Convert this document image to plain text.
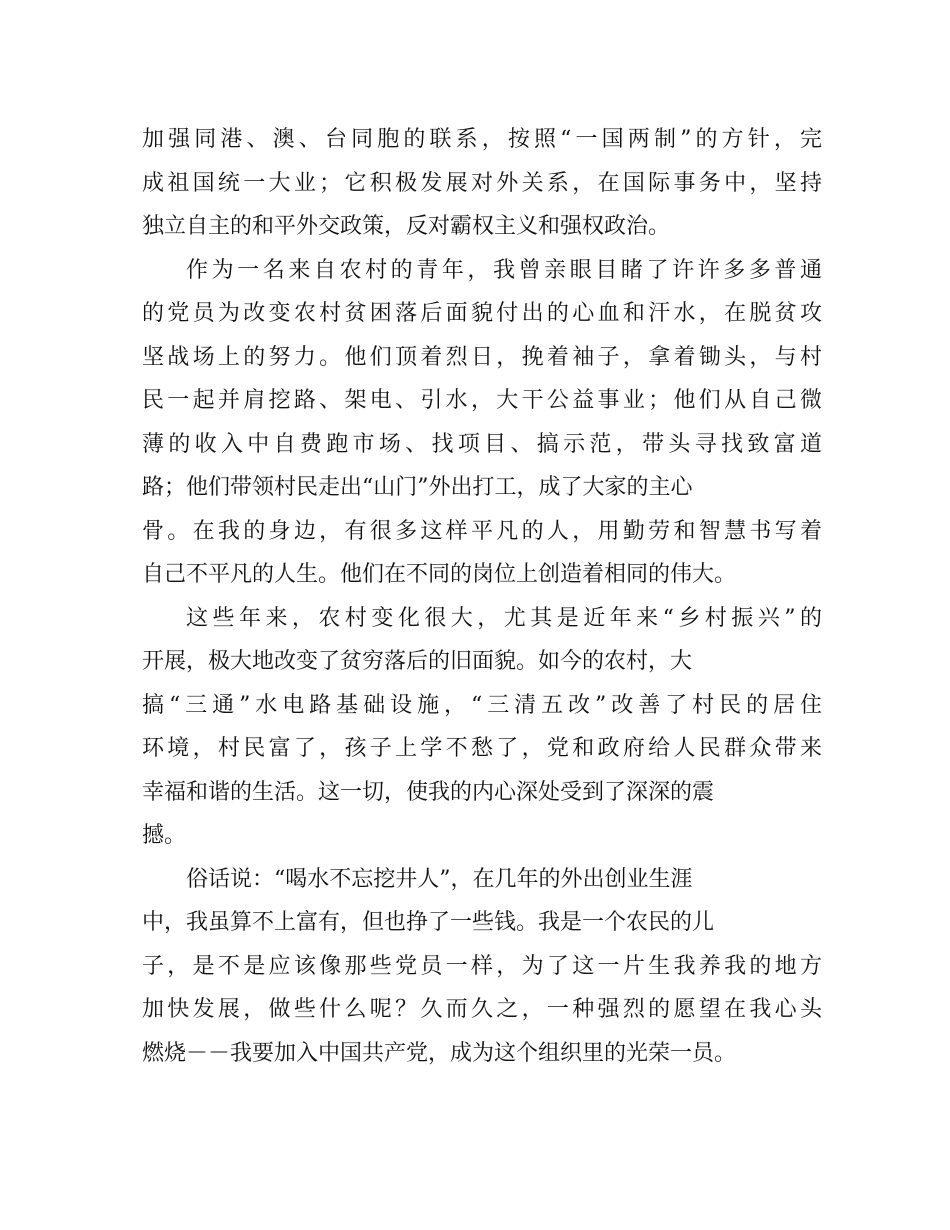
加强同港、澳、台同胞的联系，按照“一国两制”的方针，完
成祖国统一大业；它积极发展对外关系，在国际事务中，坚持
独立自主的和平外交政策，反对霸权主义和强权政治。
作为一名来自农村的青年，我曾亲眼目睹了许许多多普通
的党员为改变农村贫困落后面貌付出的心血和汗水，在脱贫攻
坚战场上的努力。他们顶着烈日，挽着袖子，拿着锄头，与村
民一起并肩挖路、架电、引水，大干公益事业；他们从自己微
薄的收入中自费跑市场、找项目、搞示范，带头寻找致富道
路；他们带领村民走出“山门”外出打工，成了大家的主心
骨。在我的身边，有很多这样平凡的人，用勤劳和智慧书写着
自己不平凡的人生。他们在不同的岗位上创造着相同的伟大。
这些年来，农村变化很大，尤其是近年来“乡村振兴”的
开展，极大地改变了贫穷落后的旧面貌。如今的农村，大
搞“三通”水电路基础设施，“三清五改”改善了村民的居住
环境，村民富了，孩子上学不愁了，党和政府给人民群众带来
幸福和谐的生活。这一切，使我的内心深处受到了深深的震
撼。
俗话说：“喝水不忘挖井人”，在几年的外出创业生涯
中，我虽算不上富有，但也挣了一些钱。我是一个农民的儿
子，是不是应该像那些党员一样，为了这一片生我养我的地方
加快发展，做些什么呢？久而久之，一种强烈的愿望在我心头
燃烧－－我要加入中国共产党，成为这个组织里的光荣一员。
